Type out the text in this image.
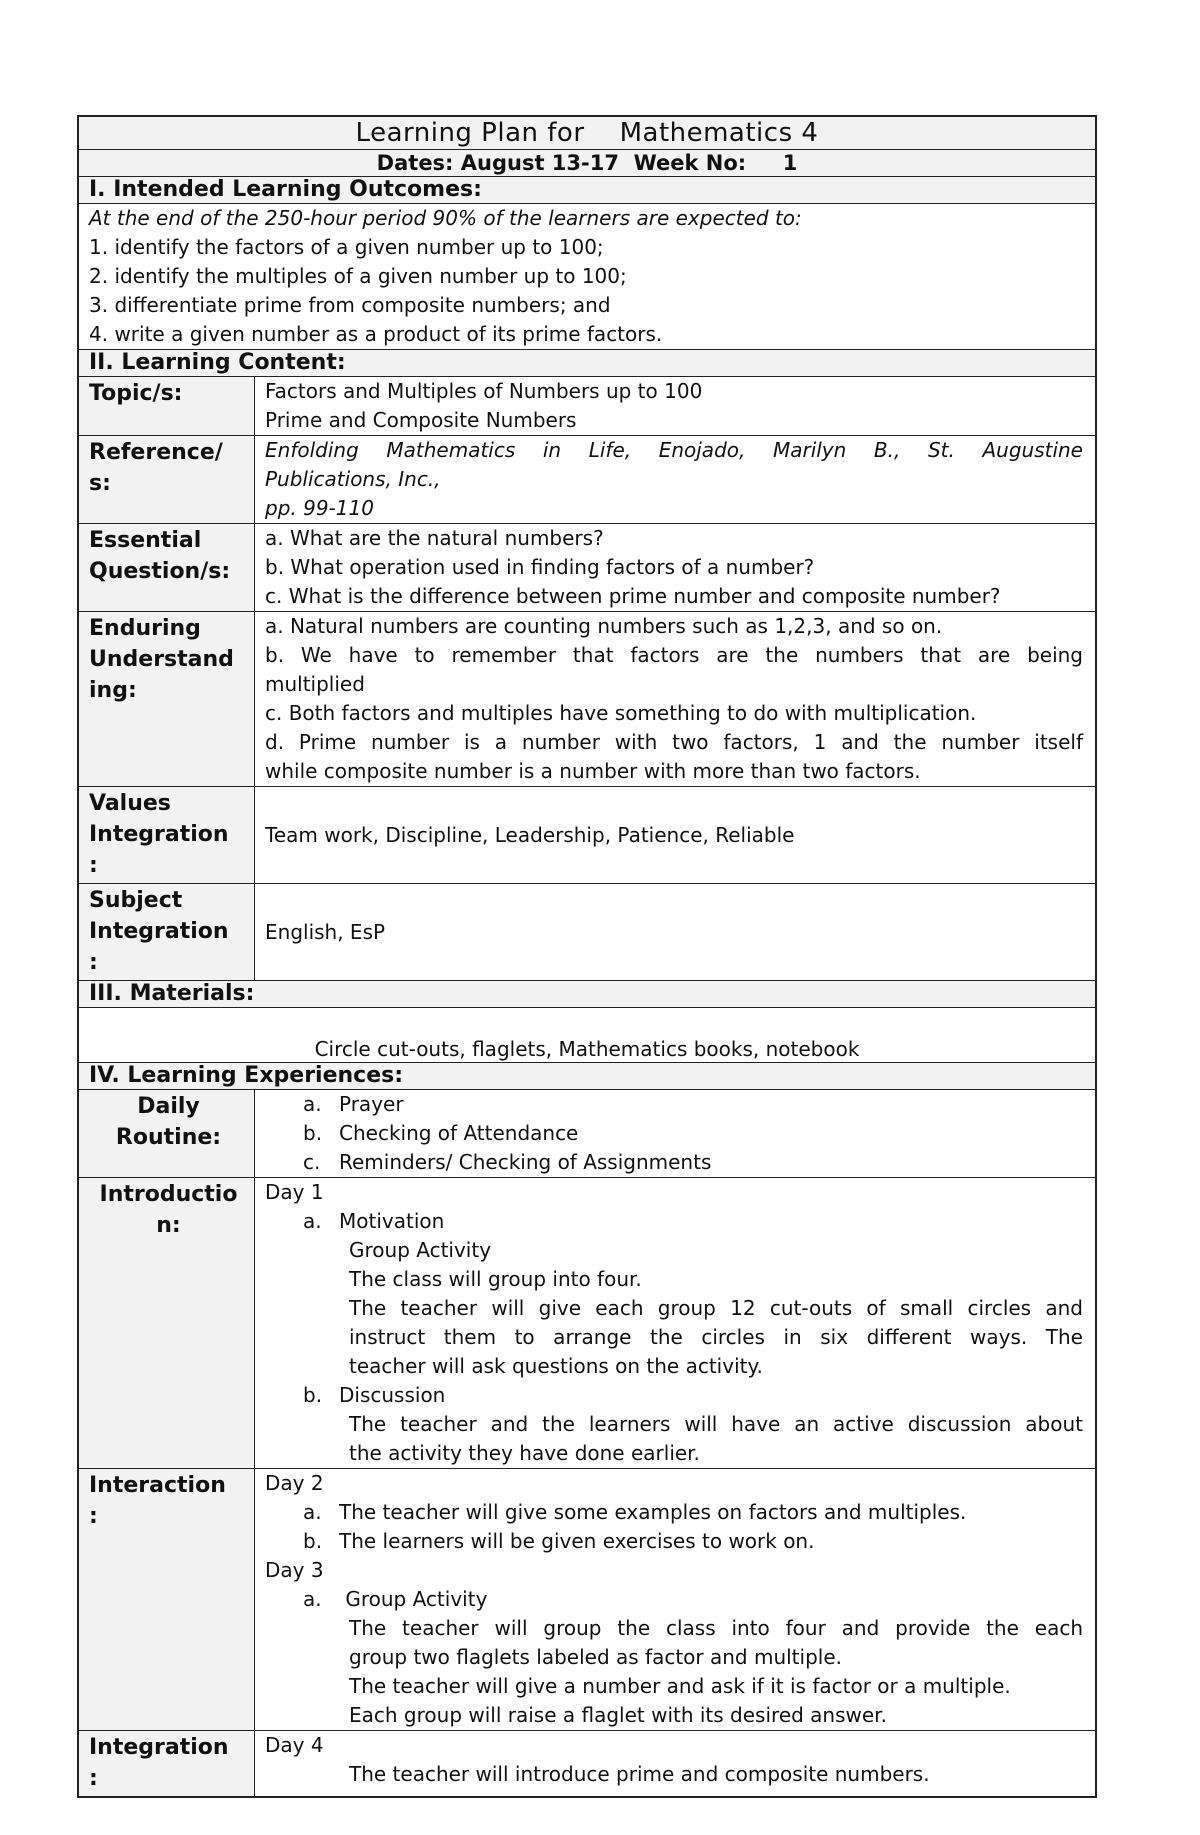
Learning Plan for    Mathematics 4
Dates: August 13-17  Week No:     1
I. Intended Learning Outcomes:
At the end of the 250-hour period 90% of the learners are expected to:
1. identify the factors of a given number up to 100;
2. identify the multiples of a given number up to 100;
3. differentiate prime from composite numbers; and
4. write a given number as a product of its prime factors.
II. Learning Content:
Topic/s:	Factors and Multiples of Numbers up to 100
Prime and Composite Numbers
Reference/
s:
Enfolding Mathematics in Life, Enojado, Marilyn B., St. Augustine
Publications, Inc.,
pp. 99-110
Essential
Question/s:
a. What are the natural numbers?
b. What operation used in finding factors of a number?
c. What is the difference between prime number and composite number?
Enduring
Understand
ing:
a. Natural numbers are counting numbers such as 1,2,3, and so on.
b. We have to remember that factors are the numbers that are being
multiplied
c. Both factors and multiples have something to do with multiplication.
d. Prime number is a number with two factors, 1 and the number itself
while composite number is a number with more than two factors.
Values
Integration
:
Team work, Discipline, Leadership, Patience, Reliable
Subject
Integration
:
English, EsP
III. Materials:
Circle cut-outs, flaglets, Mathematics books, notebook
IV. Learning Experiences:
Daily
Routine:
a. Prayer
b. Checking of Attendance
c. Reminders/ Checking of Assignments
Introductio
n:
Day 1
a. Motivation
Group Activity
The class will group into four.
The teacher will give each group 12 cut-outs of small circles and
instruct them to arrange the circles in six different ways. The
teacher will ask questions on the activity.
b. Discussion
The teacher and the learners will have an active discussion about
the activity they have done earlier.
Interaction
:
Day 2
a. The teacher will give some examples on factors and multiples.
b. The learners will be given exercises to work on.
Day 3
a. Group Activity
The teacher will group the class into four and provide the each
group two flaglets labeled as factor and multiple.
The teacher will give a number and ask if it is factor or a multiple.
Each group will raise a flaglet with its desired answer.
Integration
:
Day 4
The teacher will introduce prime and composite numbers.
